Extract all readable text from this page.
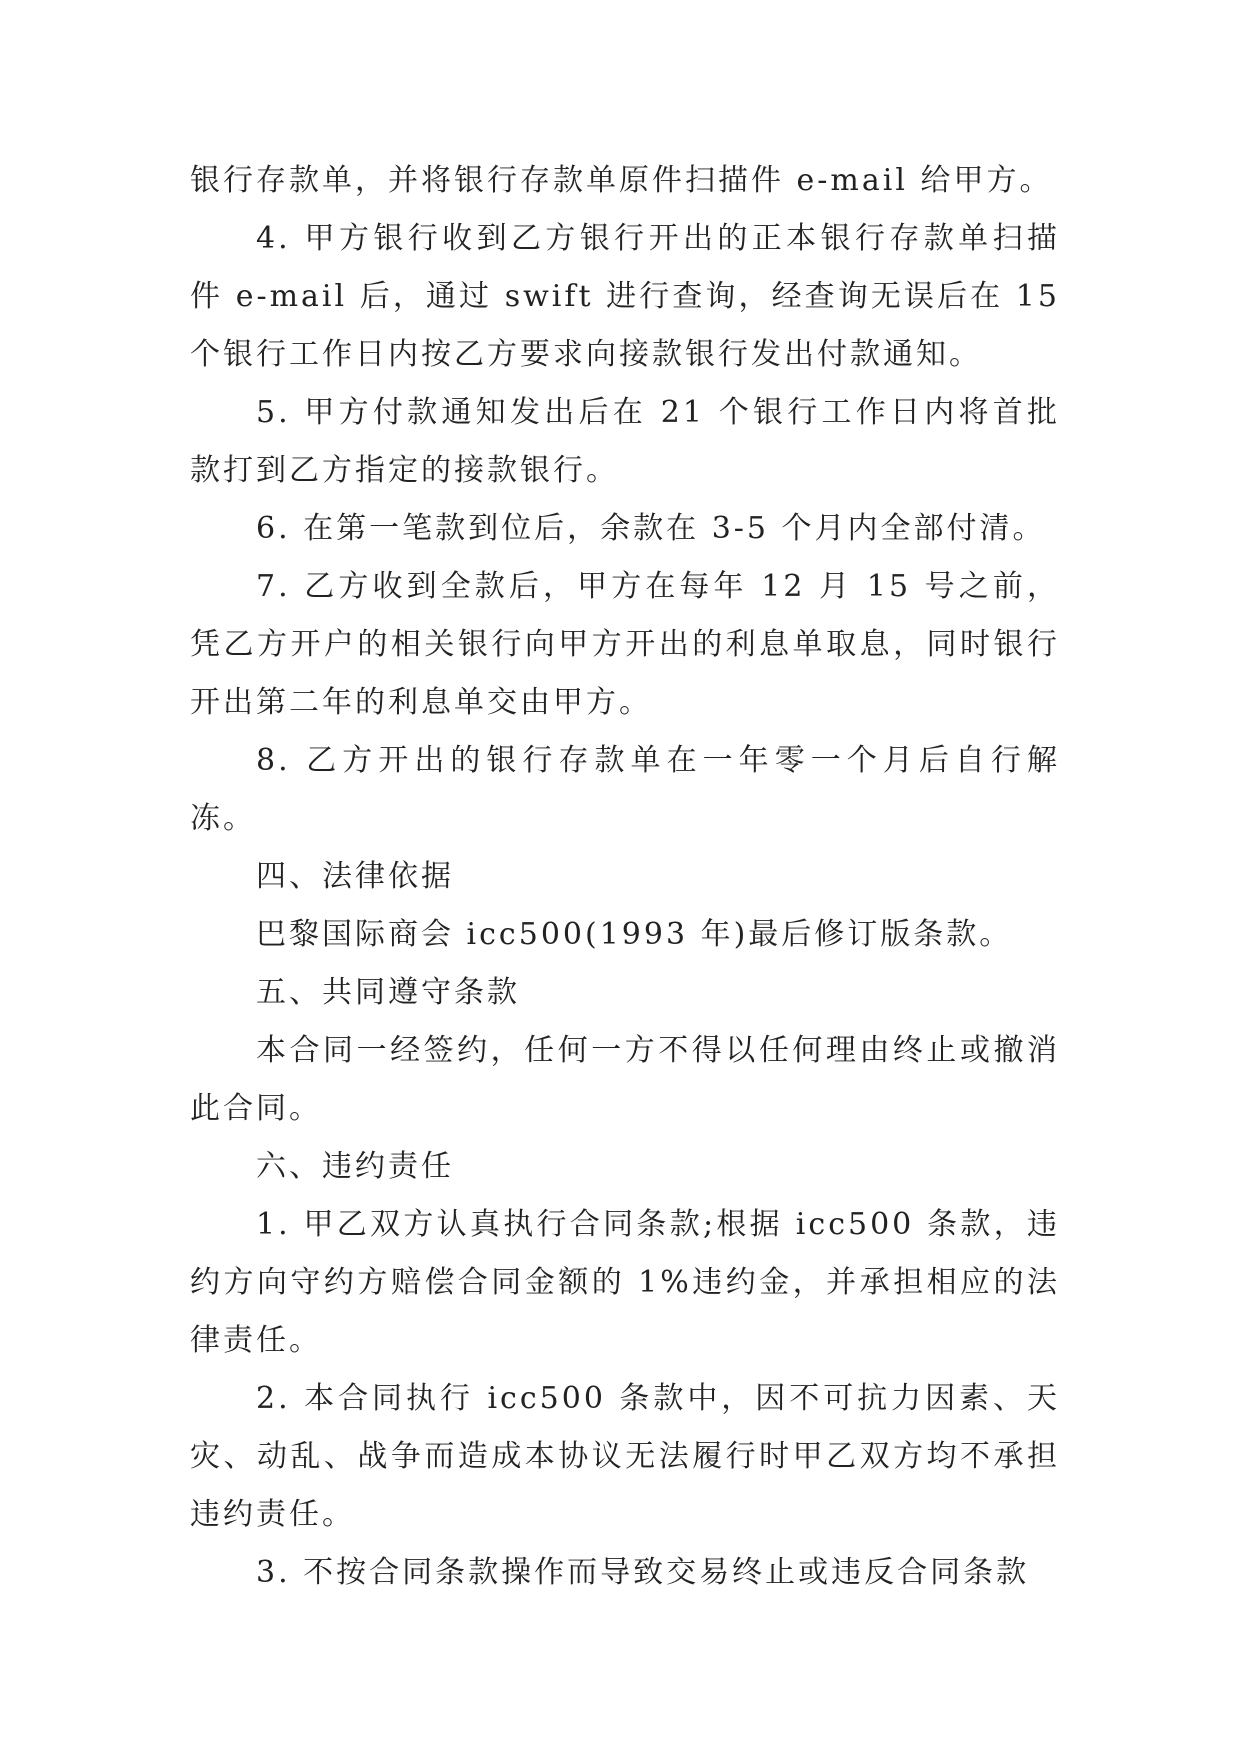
银行存款单，并将银行存款单原件扫描件 e-mail 给甲方。

4. 甲方银行收到乙方银行开出的正本银行存款单扫描件 e-mail 后，通过 swift 进行查询，经查询无误后在 15 个银行工作日内按乙方要求向接款银行发出付款通知。

5. 甲方付款通知发出后在 21 个银行工作日内将首批款打到乙方指定的接款银行。

6. 在第一笔款到位后，余款在 3-5 个月内全部付清。

7. 乙方收到全款后，甲方在每年 12 月 15 号之前，凭乙方开户的相关银行向甲方开出的利息单取息，同时银行开出第二年的利息单交由甲方。

8. 乙方开出的银行存款单在一年零一个月后自行解冻。

四、法律依据

巴黎国际商会 icc500(1993 年)最后修订版条款。

五、共同遵守条款

本合同一经签约，任何一方不得以任何理由终止或撤消此合同。

六、违约责任

1. 甲乙双方认真执行合同条款;根据 icc500 条款，违约方向守约方赔偿合同金额的 1%违约金，并承担相应的法律责任。

2. 本合同执行 icc500 条款中，因不可抗力因素、天灾、动乱、战争而造成本协议无法履行时甲乙双方均不承担违约责任。

3. 不按合同条款操作而导致交易终止或违反合同条款
